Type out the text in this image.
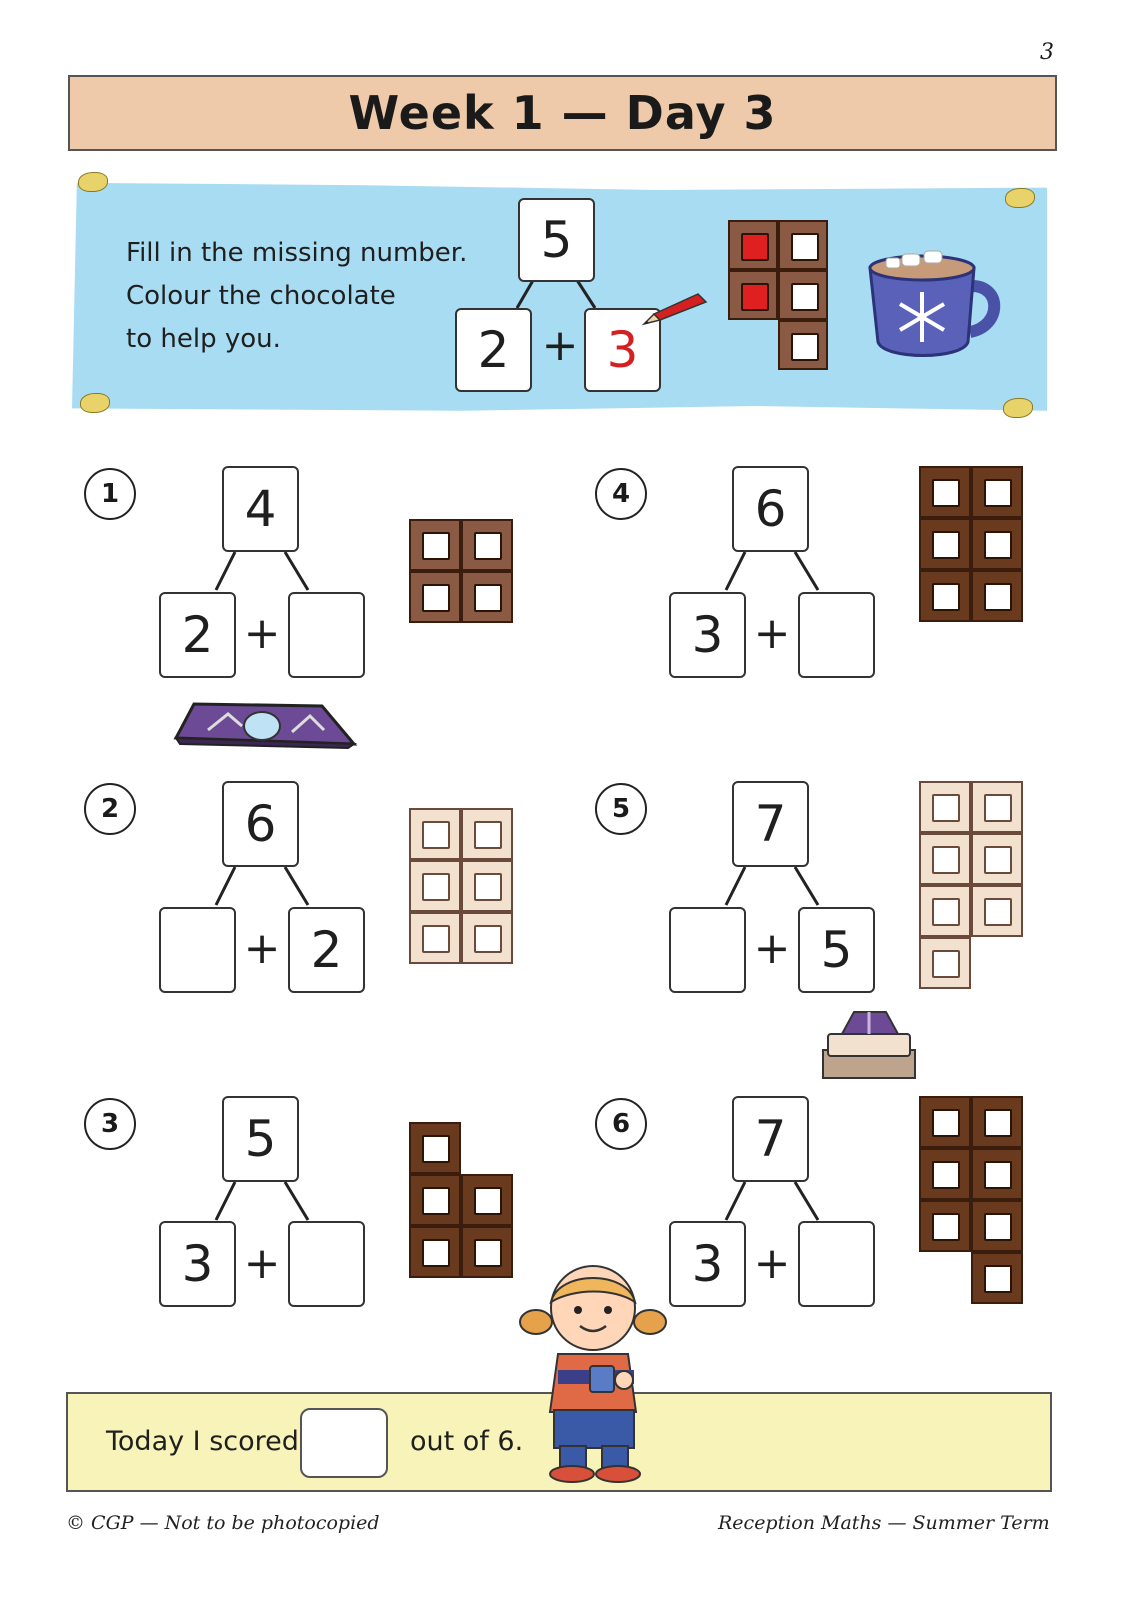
3
Week 1 — Day 3
Fill in the missing number.
Colour the chocolate
to help you.
5
2 + 3
1	4
2 +
2	6
+ 2
3	5
3 +
4	6
3 +
5	7
+ 5
6	7
3 +
Today I scored	out of 6.
© CGP — Not to be photocopied	Reception Maths — Summer Term
